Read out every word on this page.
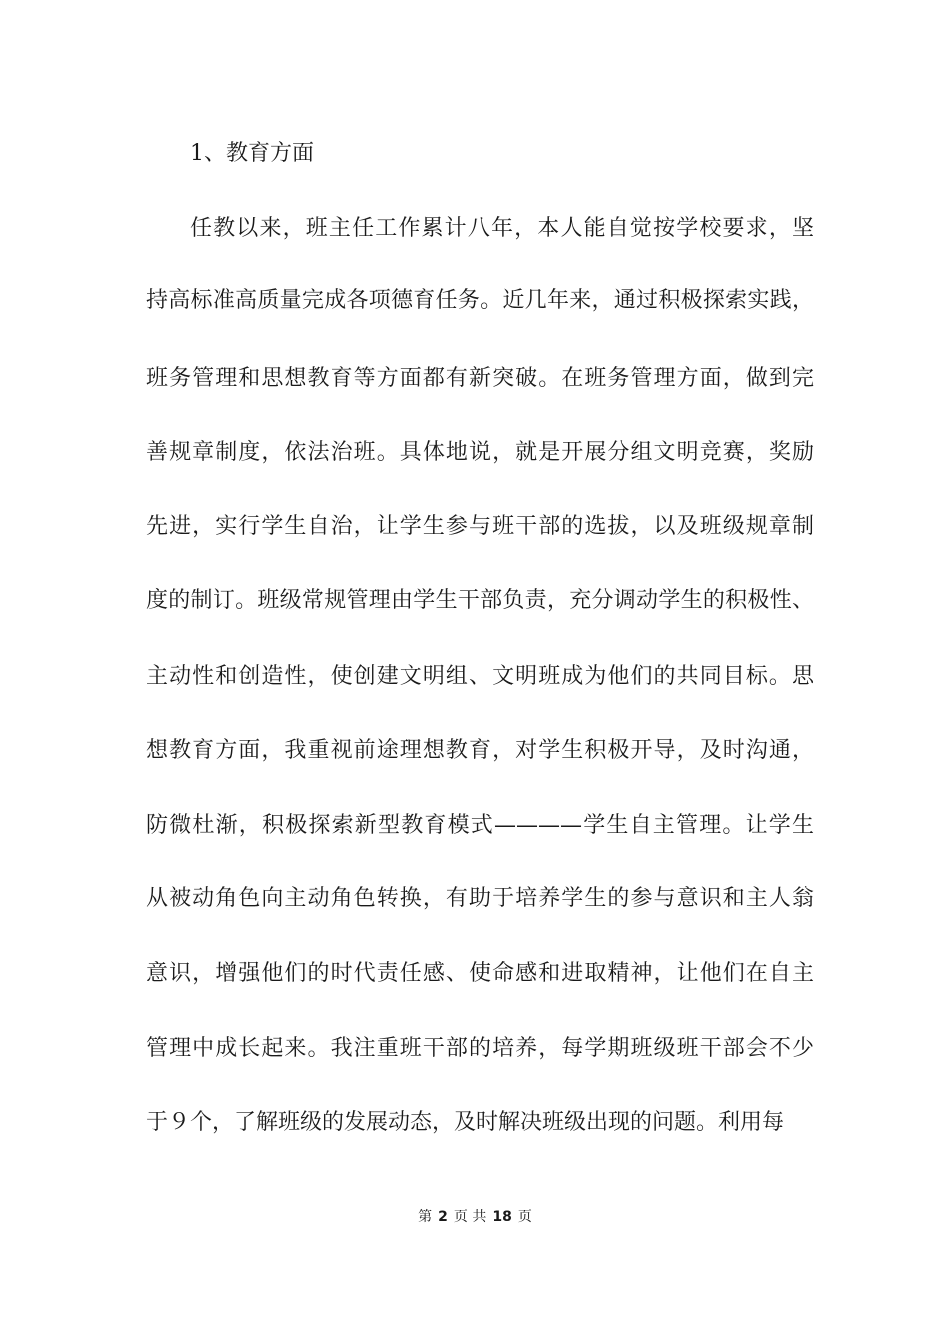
1、教育方面
任教以来，班主任工作累计八年，本人能自觉按学校要求，坚
持高标准高质量完成各项德育任务。近几年来，通过积极探索实践，
班务管理和思想教育等方面都有新突破。在班务管理方面，做到完
善规章制度，依法治班。具体地说，就是开展分组文明竞赛，奖励
先进，实行学生自治，让学生参与班干部的选拔，以及班级规章制
度的制订。班级常规管理由学生干部负责，充分调动学生的积极性、
主动性和创造性，使创建文明组、文明班成为他们的共同目标。思
想教育方面，我重视前途理想教育，对学生积极开导，及时沟通，
防微杜渐，积极探索新型教育模式————学生自主管理。让学生
从被动角色向主动角色转换，有助于培养学生的参与意识和主人翁
意识，增强他们的时代责任感、使命感和进取精神，让他们在自主
管理中成长起来。我注重班干部的培养，每学期班级班干部会不少
于９个，了解班级的发展动态，及时解决班级出现的问题。利用每
第 2 页 共 18 页
